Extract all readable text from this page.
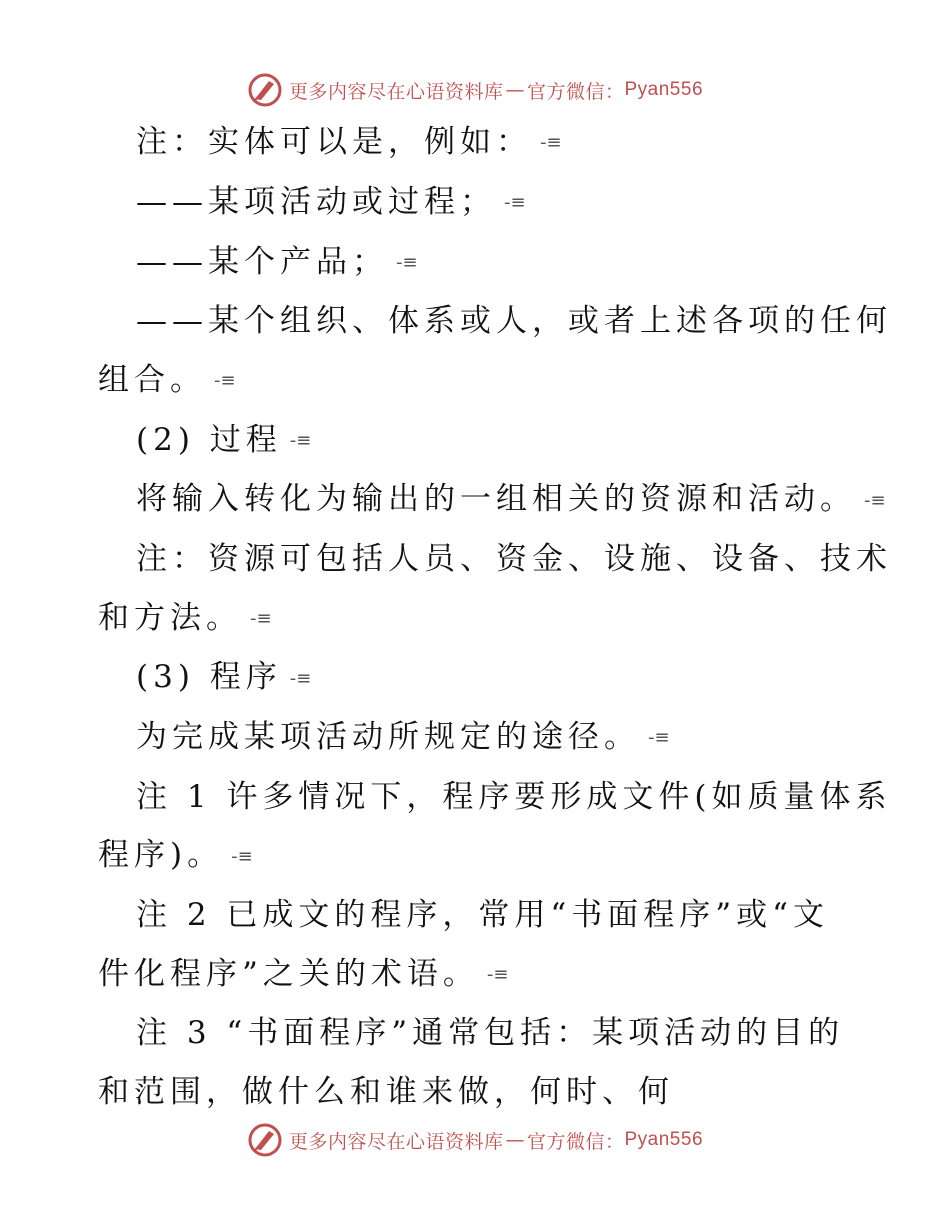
更多内容尽在心语资料库 — 官方微信： Pyan556

注：实体可以是，例如： -≡

——某项活动或过程； -≡

——某个产品； -≡

——某个组织、体系或人，或者上述各项的任何

组合。 -≡

(2) 过程 -≡

将输入转化为输出的一组相关的资源和活动。 -≡

注：资源可包括人员、资金、设施、设备、技术

和方法。 -≡

(3) 程序 -≡

为完成某项活动所规定的途径。 -≡

注 1 许多情况下，程序要形成文件(如质量体系

程序)。 -≡

注 2 已成文的程序，常用“书面程序”或“文

件化程序”之关的术语。 -≡

注 3 “书面程序”通常包括：某项活动的目的

和范围，做什么和谁来做，何时、何

更多内容尽在心语资料库 — 官方微信： Pyan556
